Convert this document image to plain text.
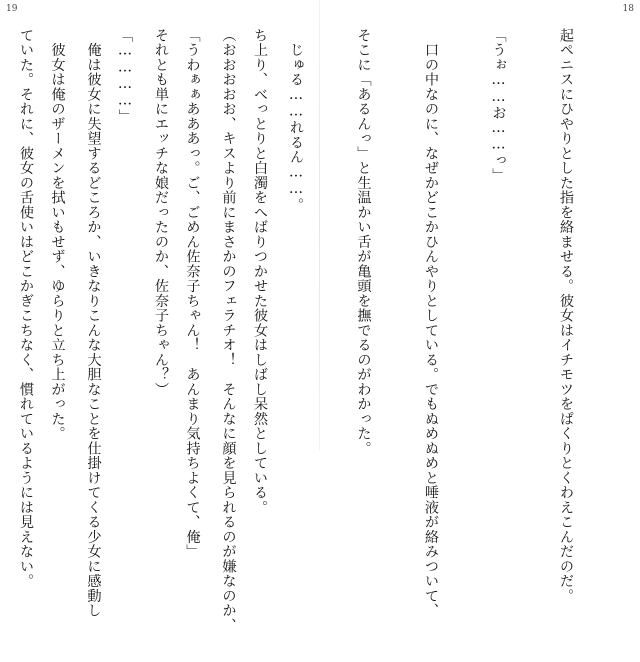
18

起ペニスにひやりとした指を絡ませる。彼女はイチモツをぱくりとくわえこんだのだ。

「うぉ……お……っ」

　口の中なのに、なぜかどこかひんやりとしている。でもぬめぬめと唾液が絡みついて、

そこに「あるんっ」と生温かい舌が亀頭を撫でるのがわかった。

　じゅる……れるん……。

（おおおおお、キスより前にまさかのフェラチオ！　そんなに顔を見られるのが嫌なのか、

それとも単にエッチな娘だったのか、佐奈子ちゃん？）

　俺は彼女に失望するどころか、いきなりこんな大胆なことを仕掛けてくる少女に感動し

ていた。それに、彼女の舌使いはどこかぎこちなく、慣れているようには見えない。

19

ち上り、べっとりと白濁をへばりつかせた彼女はしばし呆然としている。

「うわぁぁあああっ。ご、ごめん佐奈子ちゃん！　あんまり気持ちよくて、俺」

「…………」

　彼女は俺のザーメンを拭いもせず、ゆらりと立ち上がった。
